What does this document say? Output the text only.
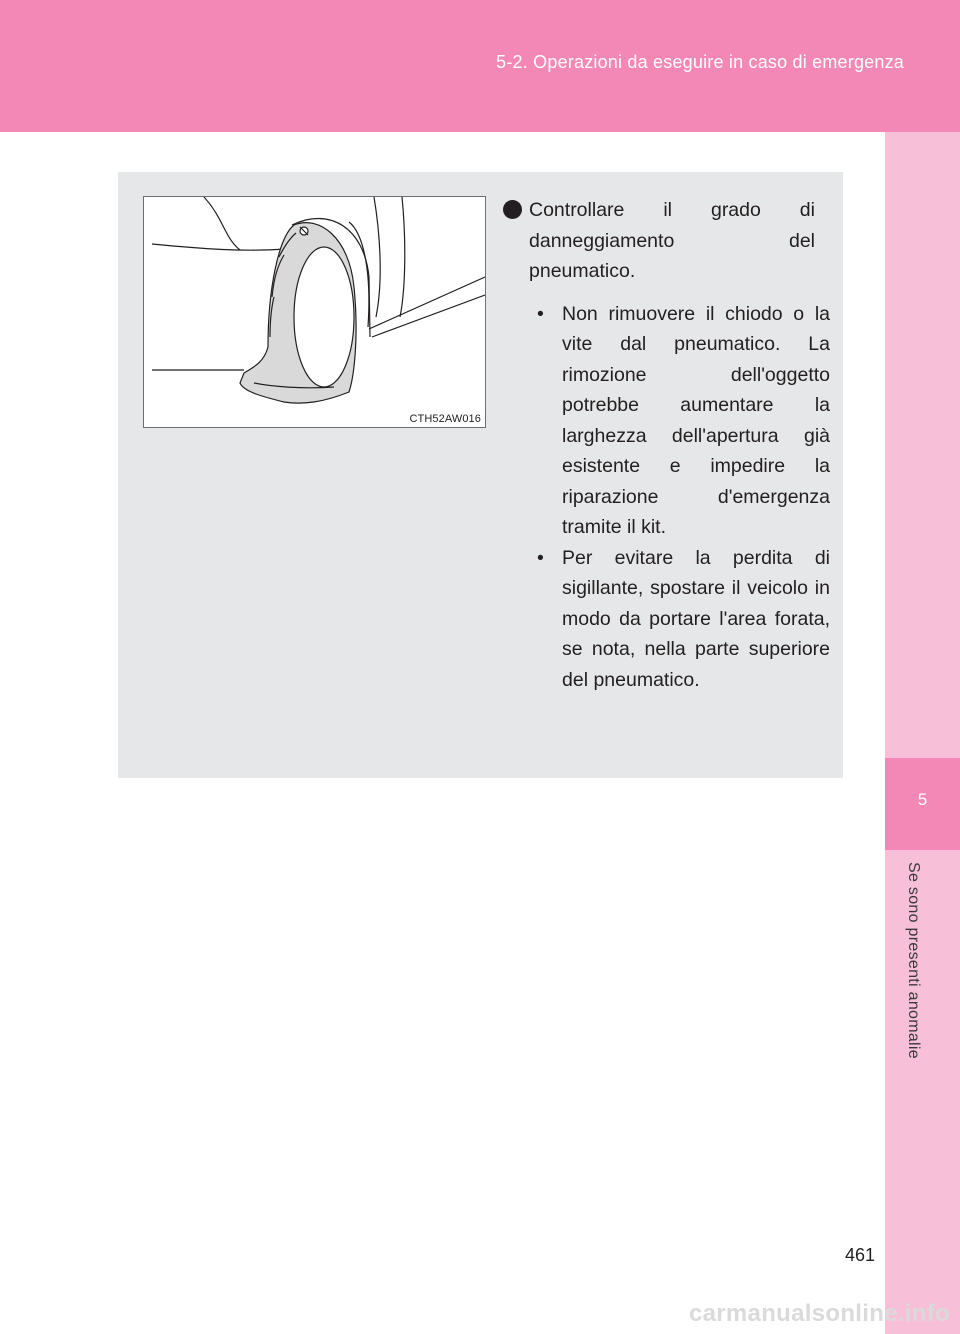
5-2. Operazioni da eseguire in caso di emergenza
5
Se sono presenti anomalie
CTH52AW016
Controllare il grado di danneggiamento del pneumatico.
• Non rimuovere il chiodo o la vite dal pneumatico. La rimozione dell'oggetto potrebbe aumentare la larghezza dell'apertura già esistente e impedire la riparazione d'emergenza tramite il kit.
• Per evitare la perdita di sigillante, spostare il veicolo in modo da portare l'area forata, se nota, nella parte superiore del pneumatico.
461
carmanualsonline.info
